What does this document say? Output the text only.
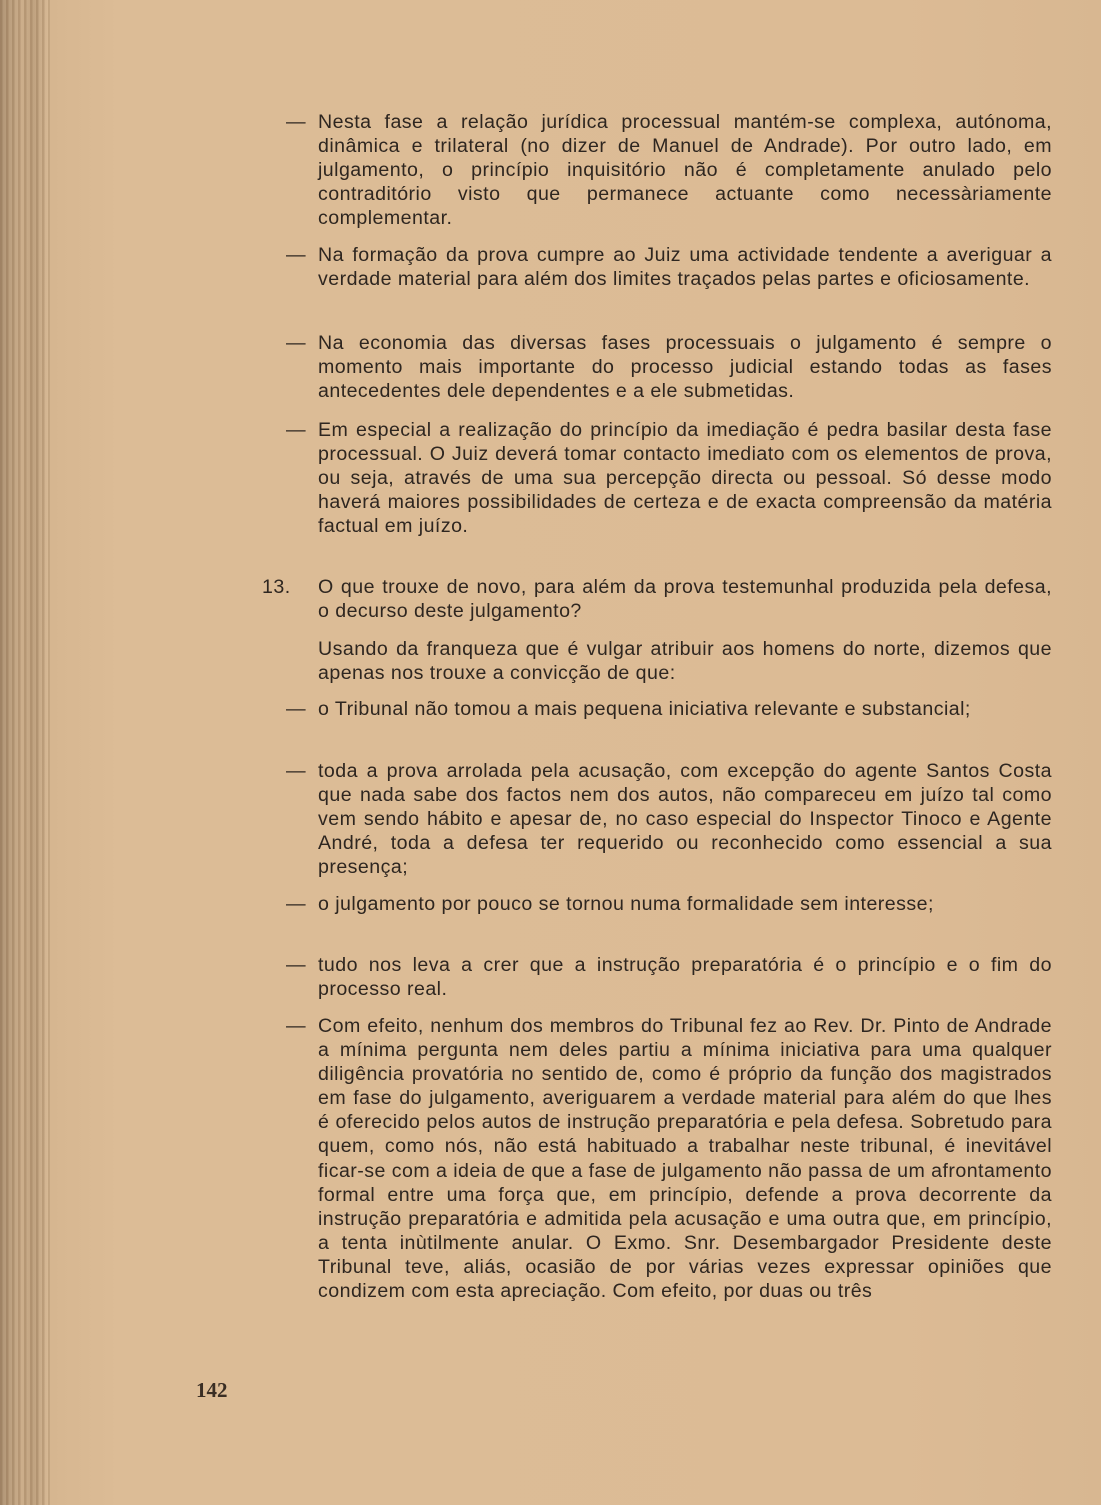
— Nesta fase a relação jurídica processual mantém-se complexa, autónoma, dinâmica e trilateral (no dizer de Manuel de Andrade). Por outro lado, em julgamento, o princípio inquisitório não é completamente anulado pelo contraditório visto que permanece actuante como necessàriamente complementar.

— Na formação da prova cumpre ao Juiz uma actividade tendente a averiguar a verdade material para além dos limites traçados pelas partes e oficiosamente.

— Na economia das diversas fases processuais o julgamento é sempre o momento mais importante do processo judicial estando todas as fases antecedentes dele dependentes e a ele submetidas.

— Em especial a realização do princípio da imediação é pedra basilar desta fase processual. O Juiz deverá tomar contacto imediato com os elementos de prova, ou seja, através de uma sua percepção directa ou pessoal. Só desse modo haverá maiores possibilidades de certeza e de exacta compreensão da matéria factual em juízo.

13. O que trouxe de novo, para além da prova testemunhal produzida pela defesa, o decurso deste julgamento?

Usando da franqueza que é vulgar atribuir aos homens do norte, dizemos que apenas nos trouxe a convicção de que:

— o Tribunal não tomou a mais pequena iniciativa relevante e substancial;

— toda a prova arrolada pela acusação, com excepção do agente Santos Costa que nada sabe dos factos nem dos autos, não compareceu em juízo tal como vem sendo hábito e apesar de, no caso especial do Inspector Tinoco e Agente André, toda a defesa ter requerido ou reconhecido como essencial a sua presença;

— o julgamento por pouco se tornou numa formalidade sem interesse;

— tudo nos leva a crer que a instrução preparatória é o princípio e o fim do processo real.

— Com efeito, nenhum dos membros do Tribunal fez ao Rev. Dr. Pinto de Andrade a mínima pergunta nem deles partiu a mínima iniciativa para uma qualquer diligência provatória no sentido de, como é próprio da função dos magistrados em fase do julgamento, averiguarem a verdade material para além do que lhes é oferecido pelos autos de instrução preparatória e pela defesa. Sobretudo para quem, como nós, não está habituado a trabalhar neste tribunal, é inevitável ficar-se com a ideia de que a fase de julgamento não passa de um afrontamento formal entre uma força que, em princípio, defende a prova decorrente da instrução preparatória e admitida pela acusação e uma outra que, em princípio, a tenta inùtilmente anular. O Exmo. Snr. Desembargador Presidente deste Tribunal teve, aliás, ocasião de por várias vezes expressar opiniões que condizem com esta apreciação. Com efeito, por duas ou três

142
